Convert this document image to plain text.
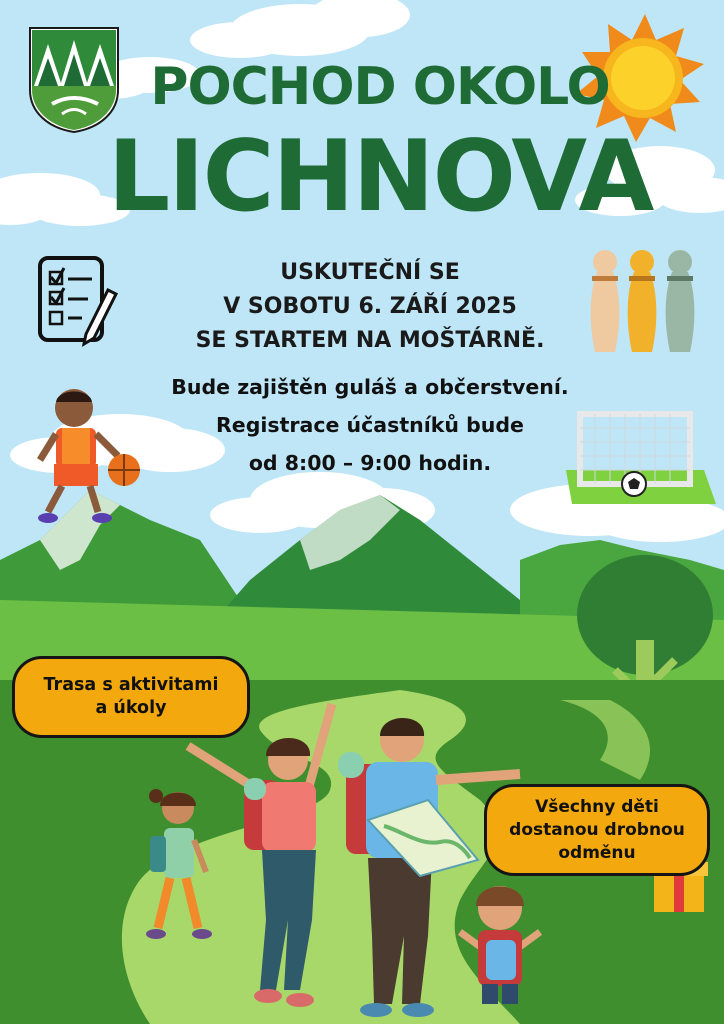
POCHOD OKOLO

LICHNOVA

USKUTEČNÍ SE
V SOBOTU 6. ZÁŘÍ 2025
SE STARTEM NA MOŠTÁRNĚ.
Bude zajištěn guláš a občerstvení.
Registrace účastníků bude
od 8:00 – 9:00 hodin.
Trasa s aktivitami
a úkoly
Všechny děti
dostanou drobnou
odměnu
